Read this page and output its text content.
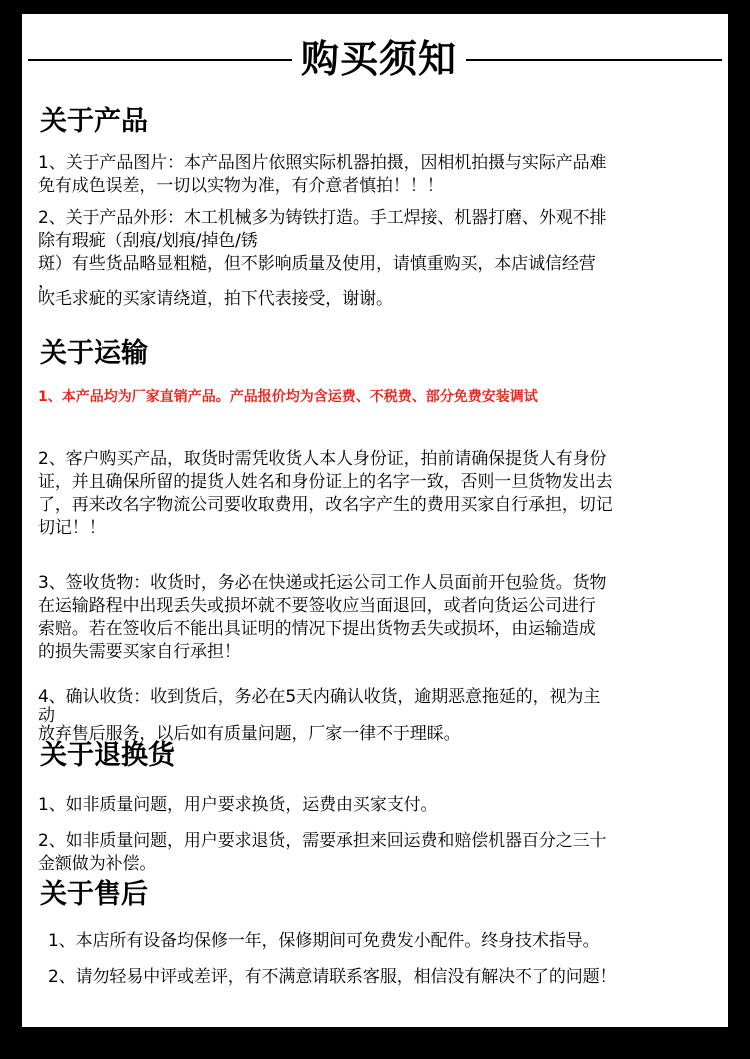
购买须知
关于产品
1、关于产品图片：本产品图片依照实际机器拍摄，因相机拍摄与实际产品难
免有成色误差，一切以实物为准，有介意者慎拍！！！
2、关于产品外形：木工机械多为铸铁打造。手工焊接、机器打磨、外观不排
除有瑕疵（刮痕/划痕/掉色/锈
斑）有些货品略显粗糙，但不影响质量及使用，请慎重购买，本店诚信经营
，
吹毛求疵的买家请绕道，拍下代表接受，谢谢。
关于运输
1、本产品均为厂家直销产品。产品报价均为含运费、不税费、部分免费安装调试
2、客户购买产品，取货时需凭收货人本人身份证，拍前请确保提货人有身份
证，并且确保所留的提货人姓名和身份证上的名字一致，否则一旦货物发出去
了，再来改名字物流公司要收取费用，改名字产生的费用买家自行承担，切记
切记！！
3、签收货物：收货时，务必在快递或托运公司工作人员面前开包验货。货物
在运输路程中出现丢失或损坏就不要签收应当面退回，或者向货运公司进行
索赔。若在签收后不能出具证明的情况下提出货物丢失或损坏，由运输造成
的损失需要买家自行承担！
4、确认收货：收到货后，务必在5天内确认收货，逾期恶意拖延的，视为主
动
放弃售后服务，以后如有质量问题，厂家一律不于理睬。
关于退换货
1、如非质量问题，用户要求换货，运费由买家支付。
2、如非质量问题，用户要求退货，需要承担来回运费和赔偿机器百分之三十
金额做为补偿。
关于售后
1、本店所有设备均保修一年，保修期间可免费发小配件。终身技术指导。
2、请勿轻易中评或差评，有不满意请联系客服，相信没有解决不了的问题！
